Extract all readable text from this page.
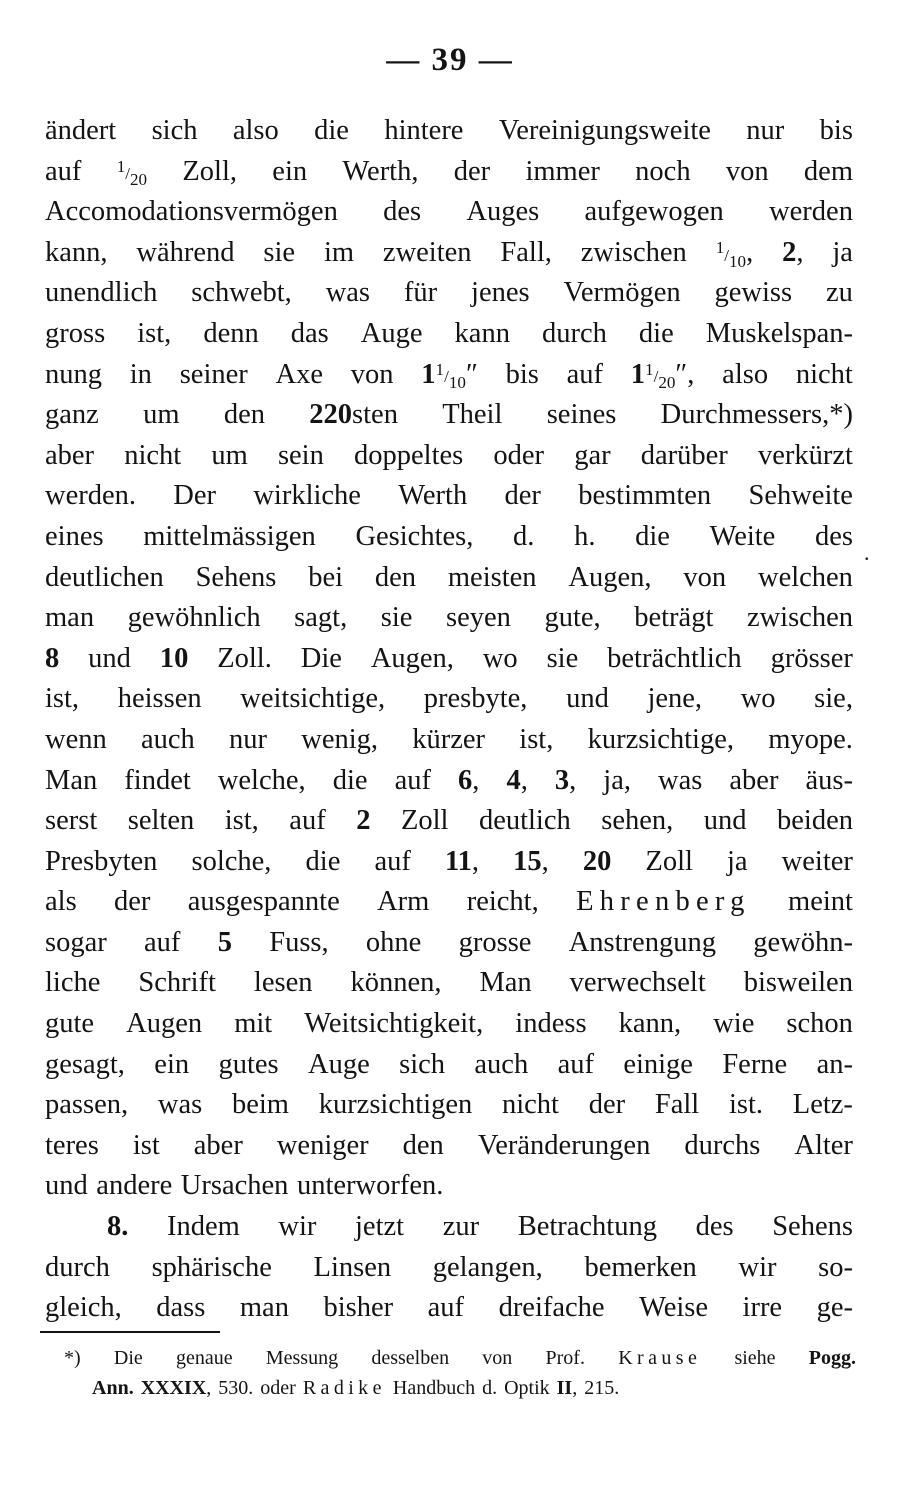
— 39 —
ändert sich also die hintere Vereinigungsweite nur bis
auf $^1/_{20}$ Zoll, ein Werth, der immer noch von dem
Accomodationsvermögen des Auges aufgewogen werden
kann, während sie im zweiten Fall, zwischen $^1/_{10}$, 2, ja
unendlich schwebt, was für jenes Vermögen gewiss zu
gross ist, denn das Auge kann durch die Muskelspan-
nung in seiner Axe von $1^1/_{10}''$ bis auf $1^1/_{20}''$, also nicht
ganz um den 220sten Theil seines Durchmessers,*)
aber nicht um sein doppeltes oder gar darüber verkürzt
werden. Der wirkliche Werth der bestimmten Sehweite
eines mittelmässigen Gesichtes, d. h. die Weite des
deutlichen Sehens bei den meisten Augen, von welchen
man gewöhnlich sagt, sie seyen gute, beträgt zwischen
8 und 10 Zoll. Die Augen, wo sie beträchtlich grösser
ist, heissen weitsichtige, presbyte, und jene, wo sie,
wenn auch nur wenig, kürzer ist, kurzsichtige, myope.
Man findet welche, die auf 6, 4, 3, ja, was aber äus-
serst selten ist, auf 2 Zoll deutlich sehen, und beiden
Presbyten solche, die auf 11, 15, 20 Zoll ja weiter
als der ausgespannte Arm reicht, Ehrenberg meint
sogar auf 5 Fuss, ohne grosse Anstrengung gewöhn-
liche Schrift lesen können, Man verwechselt bisweilen
gute Augen mit Weitsichtigkeit, indess kann, wie schon
gesagt, ein gutes Auge sich auch auf einige Ferne an-
passen, was beim kurzsichtigen nicht der Fall ist. Letz-
teres ist aber weniger den Veränderungen durchs Alter
und andere Ursachen unterworfen.
8. Indem wir jetzt zur Betrachtung des Sehens
durch sphärische Linsen gelangen, bemerken wir so-
gleich, dass man bisher auf dreifache Weise irre ge-
.
*) Die genaue Messung desselben von Prof. Krause siehe Pogg.
Ann. XXXIX, 530. oder Radike Handbuch d. Optik II, 215.
